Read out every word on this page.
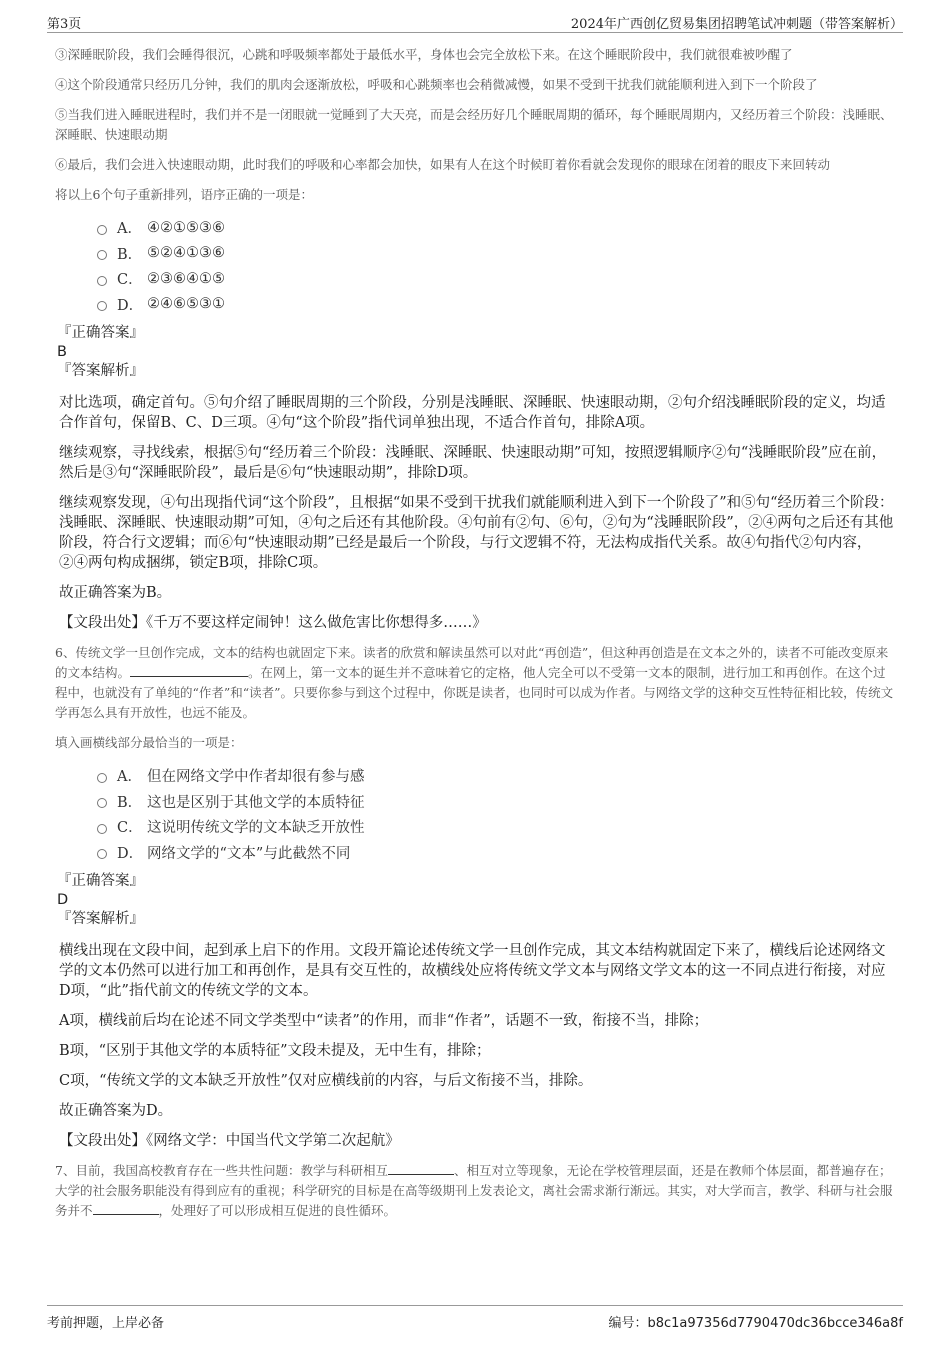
第3页	2024年广西创亿贸易集团招聘笔试冲刺题（带答案解析）

③深睡眠阶段，我们会睡得很沉，心跳和呼吸频率都处于最低水平，身体也会完全放松下来。在这个睡眠阶段中，我们就很难被吵醒了

④这个阶段通常只经历几分钟，我们的肌肉会逐渐放松，呼吸和心跳频率也会稍微减慢，如果不受到干扰我们就能顺利进入到下一个阶段了

⑤当我们进入睡眠进程时，我们并不是一闭眼就一觉睡到了大天亮，而是会经历好几个睡眠周期的循环，每个睡眠周期内，又经历着三个阶段：浅睡眠、深睡眠、快速眼动期

⑥最后，我们会进入快速眼动期，此时我们的呼吸和心率都会加快，如果有人在这个时候盯着你看就会发现你的眼球在闭着的眼皮下来回转动

将以上6个句子重新排列，语序正确的一项是：

A． ④②①⑤③⑥
B． ⑤②④①③⑥
C． ②③⑥④①⑤
D． ②④⑥⑤③①
『正确答案』
B
『答案解析』

对比选项，确定首句。⑤句介绍了睡眠周期的三个阶段，分别是浅睡眠、深睡眠、快速眼动期，②句介绍浅睡眠阶段的定义，均适合作首句，保留B、C、D三项。④句“这个阶段”指代词单独出现，不适合作首句，排除A项。

继续观察，寻找线索，根据⑤句“经历着三个阶段：浅睡眠、深睡眠、快速眼动期”可知，按照逻辑顺序②句“浅睡眠阶段”应在前，然后是③句“深睡眠阶段”，最后是⑥句“快速眼动期”，排除D项。

继续观察发现，④句出现指代词“这个阶段”，且根据“如果不受到干扰我们就能顺利进入到下一个阶段了”和⑤句“经历着三个阶段：浅睡眠、深睡眠、快速眼动期”可知，④句之后还有其他阶段。④句前有②句、⑥句，②句为“浅睡眠阶段”，②④两句之后还有其他阶段，符合行文逻辑；而⑥句“快速眼动期”已经是最后一个阶段，与行文逻辑不符，无法构成指代关系。故④句指代②句内容，②④两句构成捆绑，锁定B项，排除C项。

故正确答案为B。

【文段出处】《千万不要这样定闹钟！这么做危害比你想得多……》

6、传统文学一旦创作完成，文本的结构也就固定下来。读者的欣赏和解读虽然可以对此“再创造”，但这种再创造是在文本之外的，读者不可能改变原来的文本结构。	。在网上，第一文本的诞生并不意味着它的定格，他人完全可以不受第一文本的限制，进行加工和再创作。在这个过程中，也就没有了单纯的“作者”和“读者”。只要你参与到这个过程中，你既是读者，也同时可以成为作者。与网络文学的这种交互性特征相比较，传统文学再怎么具有开放性，也远不能及。

填入画横线部分最恰当的一项是：

A． 但在网络文学中作者却很有参与感
B． 这也是区别于其他文学的本质特征
C． 这说明传统文学的文本缺乏开放性
D． 网络文学的“文本”与此截然不同
『正确答案』
D
『答案解析』

横线出现在文段中间，起到承上启下的作用。文段开篇论述传统文学一旦创作完成，其文本结构就固定下来了，横线后论述网络文学的文本仍然可以进行加工和再创作，是具有交互性的，故横线处应将传统文学文本与网络文学文本的这一不同点进行衔接，对应D项，“此”指代前文的传统文学的文本。

A项，横线前后均在论述不同文学类型中“读者”的作用，而非“作者”，话题不一致，衔接不当，排除；

B项，“区别于其他文学的本质特征”文段未提及，无中生有，排除；

C项，“传统文学的文本缺乏开放性”仅对应横线前的内容，与后文衔接不当，排除。

故正确答案为D。

【文段出处】《网络文学：中国当代文学第二次起航》

7、目前，我国高校教育存在一些共性问题：教学与科研相互	、相互对立等现象，无论在学校管理层面，还是在教师个体层面，都普遍存在；大学的社会服务职能没有得到应有的重视；科学研究的目标是在高等级期刊上发表论文，离社会需求渐行渐远。其实，对大学而言，教学、科研与社会服务并不	，处理好了可以形成相互促进的良性循环。

考前押题，上岸必备	编号：b8c1a97356d7790470dc36bcce346a8f
